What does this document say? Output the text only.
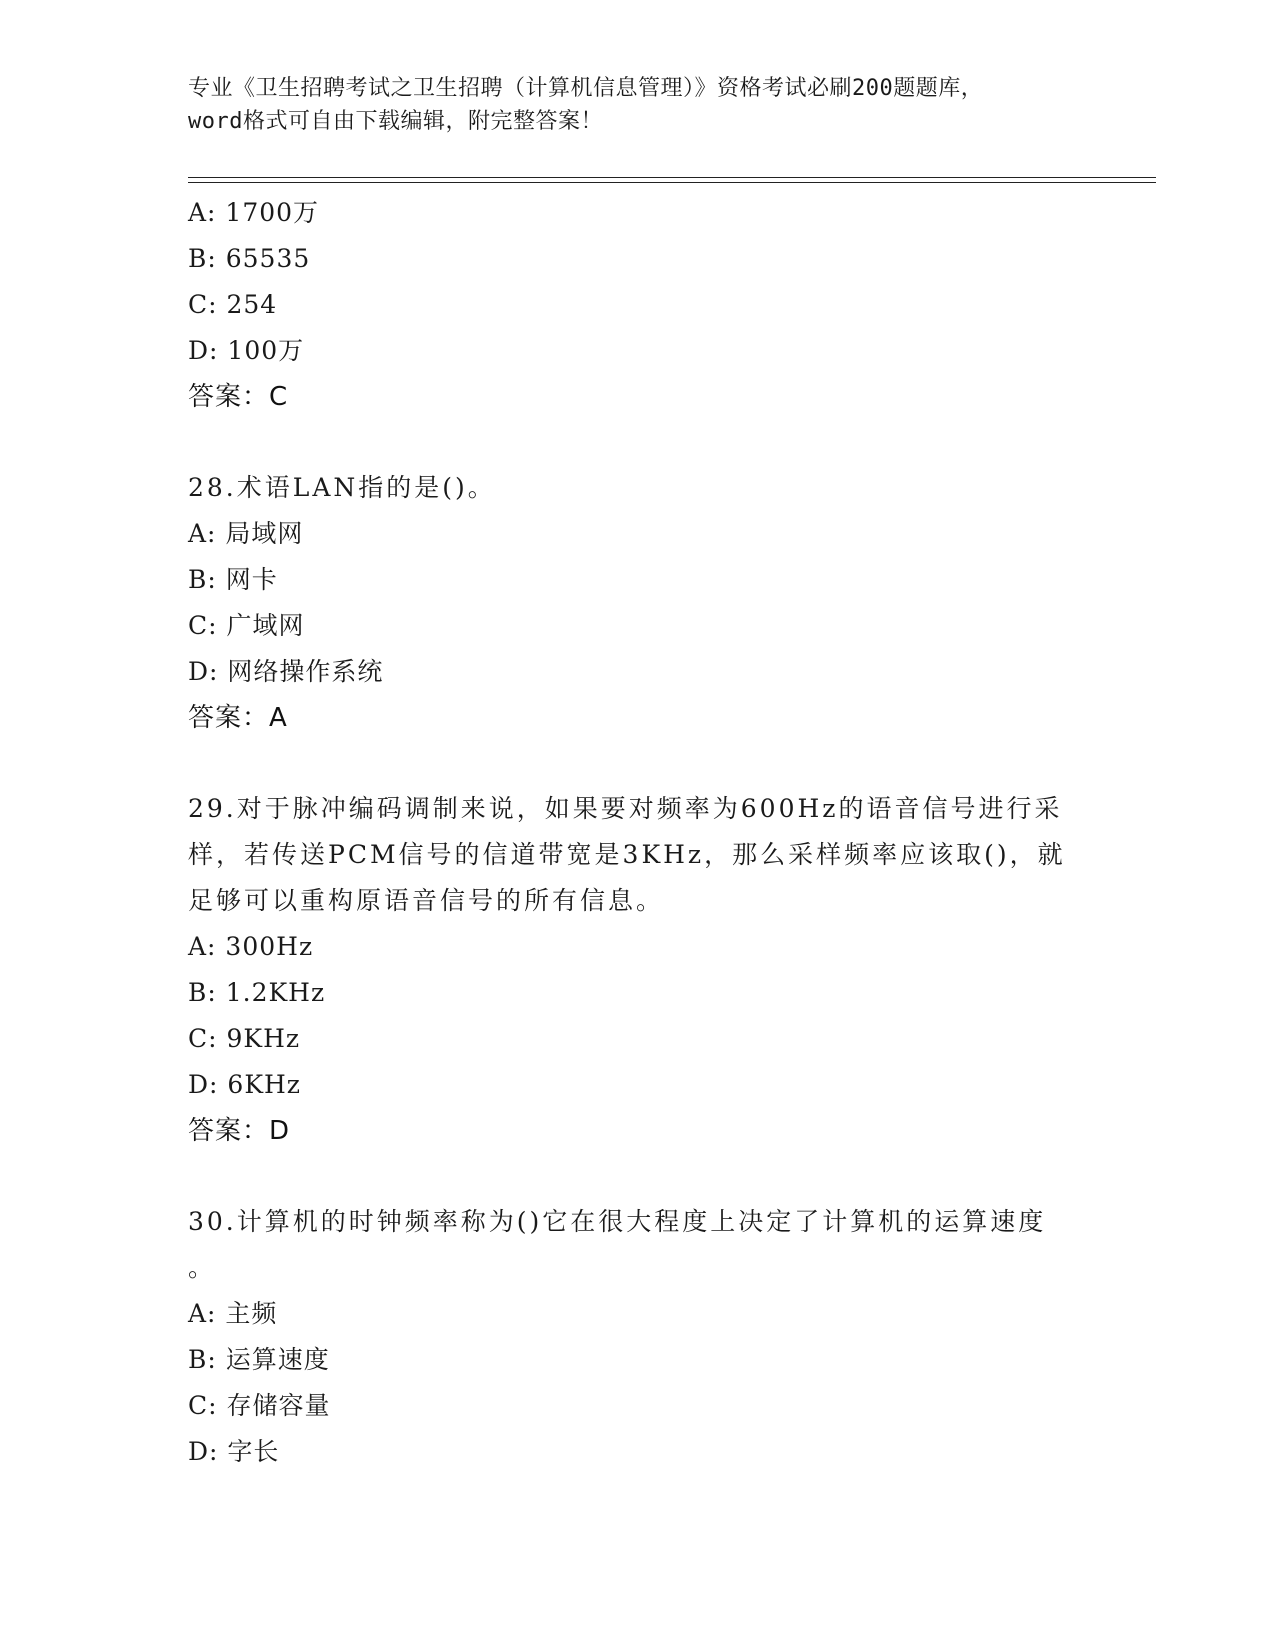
专业《卫生招聘考试之卫生招聘（计算机信息管理）》资格考试必刷200题题库，
word格式可自由下载编辑，附完整答案！
A: 1700万
B: 65535
C: 254
D: 100万
答案：C
28.术语LAN指的是()。
A: 局域网
B: 网卡
C: 广域网
D: 网络操作系统
答案：A
29.对于脉冲编码调制来说，如果要对频率为600Hz的语音信号进行采
样，若传送PCM信号的信道带宽是3KHz，那么采样频率应该取()，就
足够可以重构原语音信号的所有信息。
A: 300Hz
B: 1.2KHz
C: 9KHz
D: 6KHz
答案：D
30.计算机的时钟频率称为()它在很大程度上决定了计算机的运算速度
。
A: 主频
B: 运算速度
C: 存储容量
D: 字长
